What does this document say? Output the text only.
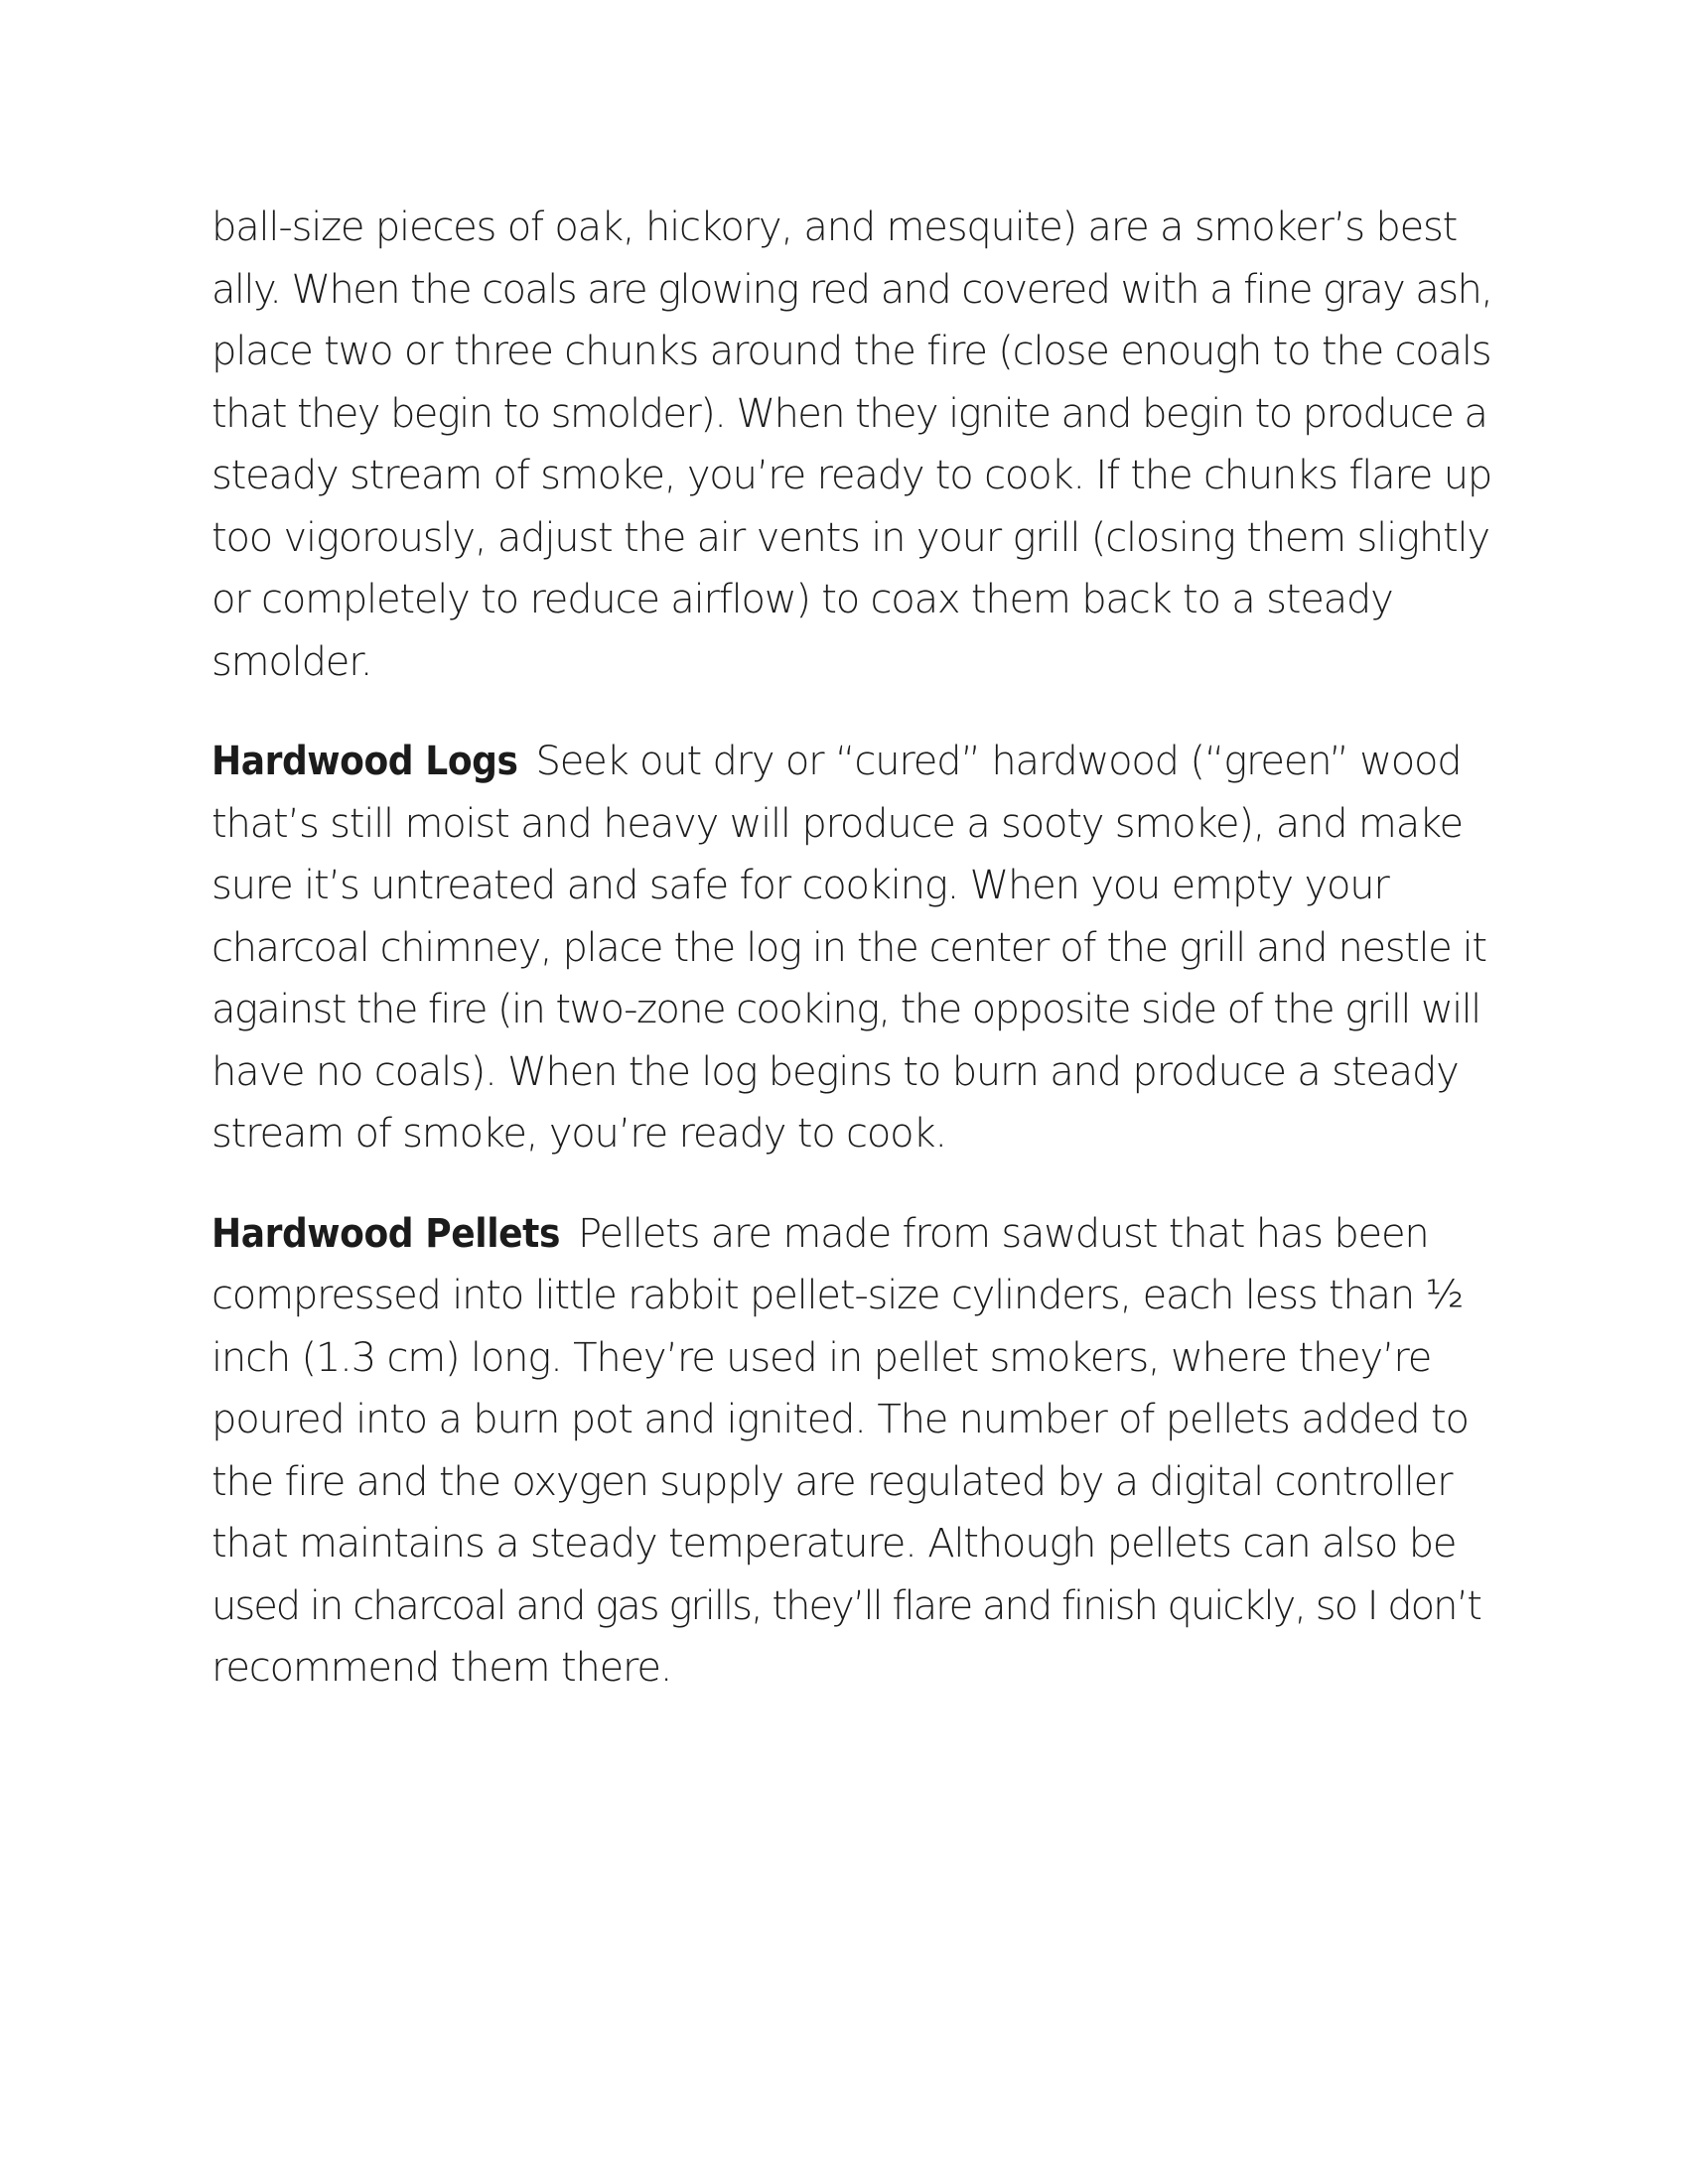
ball-size pieces of oak, hickory, and mesquite) are a smoker’s best
ally. When the coals are glowing red and covered with a fine gray ash,
place two or three chunks around the fire (close enough to the coals
that they begin to smolder). When they ignite and begin to produce a
steady stream of smoke, you’re ready to cook. If the chunks flare up
too vigorously, adjust the air vents in your grill (closing them slightly
or completely to reduce airflow) to coax them back to a steady
smolder.

Hardwood Logs Seek out dry or “cured” hardwood (“green” wood
that’s still moist and heavy will produce a sooty smoke), and make
sure it’s untreated and safe for cooking. When you empty your
charcoal chimney, place the log in the center of the grill and nestle it
against the fire (in two-zone cooking, the opposite side of the grill will
have no coals). When the log begins to burn and produce a steady
stream of smoke, you’re ready to cook.

Hardwood Pellets Pellets are made from sawdust that has been
compressed into little rabbit pellet-size cylinders, each less than ½
inch (1.3 cm) long. They’re used in pellet smokers, where they’re
poured into a burn pot and ignited. The number of pellets added to
the fire and the oxygen supply are regulated by a digital controller
that maintains a steady temperature. Although pellets can also be
used in charcoal and gas grills, they’ll flare and finish quickly, so I don’t
recommend them there.
